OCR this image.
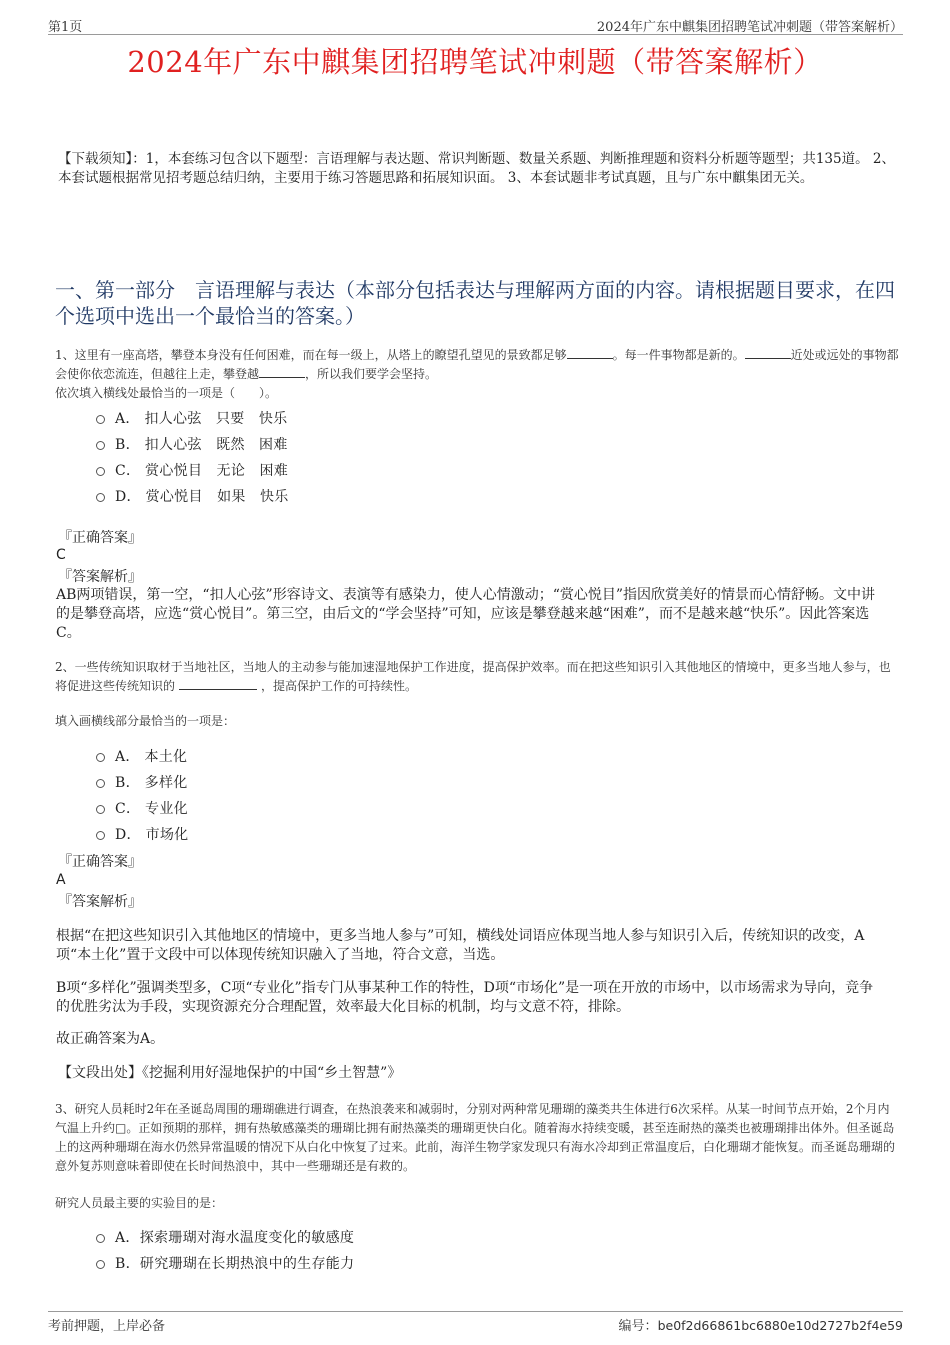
第1页	2024年广东中麒集团招聘笔试冲刺题（带答案解析）
2024年广东中麒集团招聘笔试冲刺题（带答案解析）
【下载须知】：1，本套练习包含以下题型：言语理解与表达题、常识判断题、数量关系题、判断推理题和资料分析题等题型；共135道。 2、本套试题根据常见招考题总结归纳，主要用于练习答题思路和拓展知识面。 3、本套试题非考试真题，且与广东中麒集团无关。
一、第一部分　言语理解与表达（本部分包括表达与理解两方面的内容。请根据题目要求，在四个选项中选出一个最恰当的答案。）
1、这里有一座高塔，攀登本身没有任何困难，而在每一级上，从塔上的瞭望孔望见的景致都足够	。每一件事物都是新的。	近处或远处的事物都会使你依恋流连，但越往上走，攀登越	，所以我们要学会坚持。
依次填入横线处最恰当的一项是（　　）。
A． 扣人心弦　只要　快乐
B． 扣人心弦　既然　困难
C． 赏心悦目　无论　困难
D． 赏心悦目　如果　快乐
『正确答案』
C
『答案解析』
AB两项错误，第一空，“扣人心弦”形容诗文、表演等有感染力，使人心情激动；“赏心悦目”指因欣赏美好的情景而心情舒畅。文中讲的是攀登高塔，应选“赏心悦目”。第三空，由后文的“学会坚持”可知，应该是攀登越来越“困难”，而不是越来越“快乐”。因此答案选C。
2、一些传统知识取材于当地社区，当地人的主动参与能加速湿地保护工作进度，提高保护效率。而在把这些知识引入其他地区的情境中，更多当地人参与，也将促进这些传统知识的	，提高保护工作的可持续性。
填入画横线部分最恰当的一项是：
A． 本土化
B． 多样化
C． 专业化
D． 市场化
『正确答案』
A
『答案解析』
根据“在把这些知识引入其他地区的情境中，更多当地人参与”可知，横线处词语应体现当地人参与知识引入后，传统知识的改变，A项“本土化”置于文段中可以体现传统知识融入了当地，符合文意，当选。
B项“多样化”强调类型多，C项“专业化”指专门从事某种工作的特性，D项“市场化”是一项在开放的市场中，以市场需求为导向，竞争的优胜劣汰为手段，实现资源充分合理配置，效率最大化目标的机制，均与文意不符，排除。
故正确答案为A。
【文段出处】《挖掘利用好湿地保护的中国“乡土智慧”》
3、研究人员耗时2年在圣诞岛周围的珊瑚礁进行调查，在热浪袭来和减弱时，分别对两种常见珊瑚的藻类共生体进行6次采样。从某一时间节点开始，2个月内气温上升约□。正如预期的那样，拥有热敏感藻类的珊瑚比拥有耐热藻类的珊瑚更快白化。随着海水持续变暖，甚至连耐热的藻类也被珊瑚排出体外。但圣诞岛上的这两种珊瑚在海水仍然异常温暖的情况下从白化中恢复了过来。此前，海洋生物学家发现只有海水冷却到正常温度后，白化珊瑚才能恢复。而圣诞岛珊瑚的意外复苏则意味着即使在长时间热浪中，其中一些珊瑚还是有救的。
研究人员最主要的实验目的是：
A．探索珊瑚对海水温度变化的敏感度
B．研究珊瑚在长期热浪中的生存能力
考前押题，上岸必备	编号：be0f2d66861bc6880e10d2727b2f4e59
